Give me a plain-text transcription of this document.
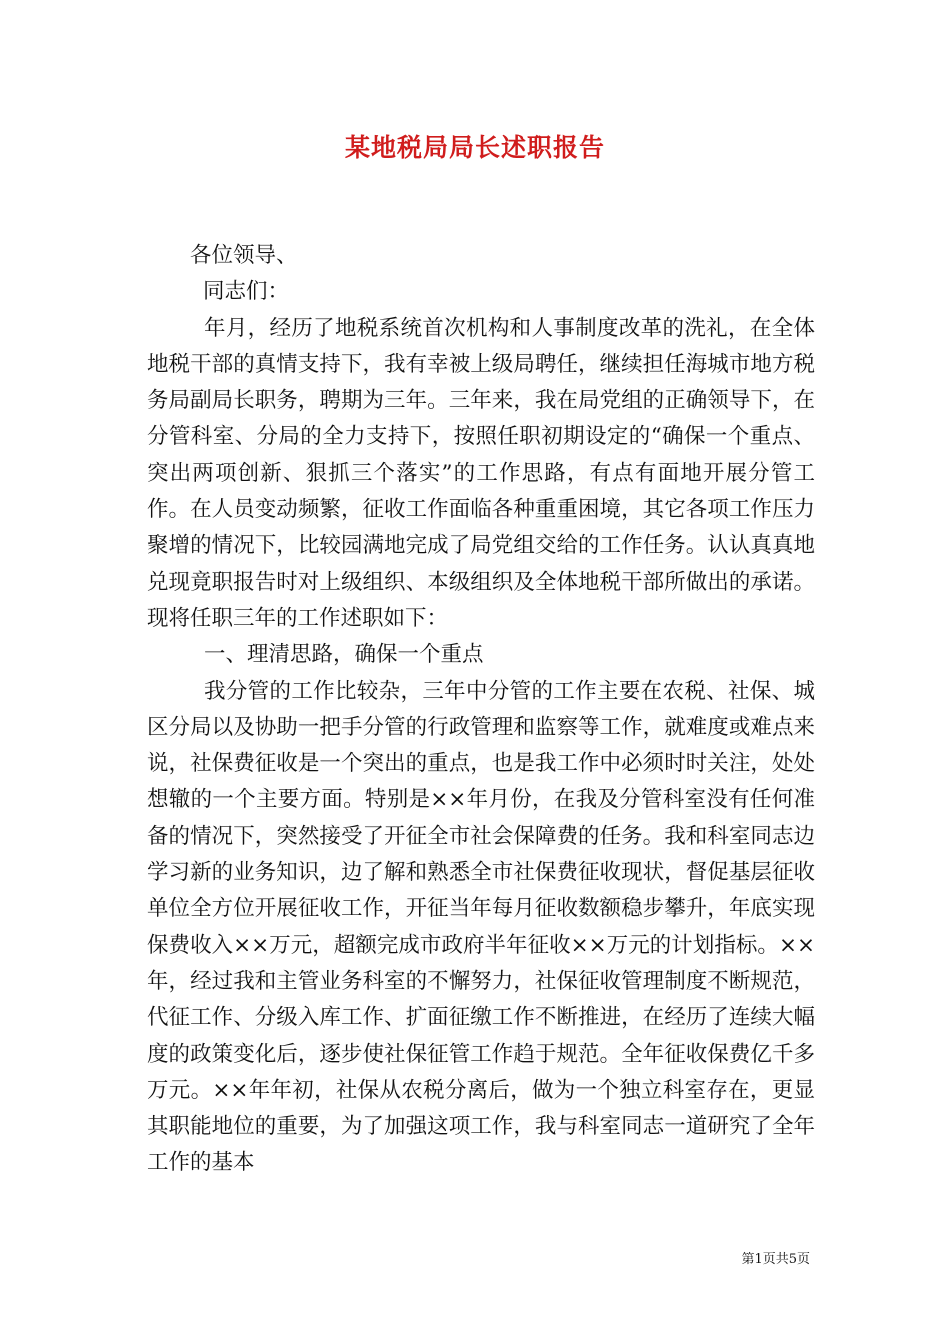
某地税局局长述职报告

各位领导、

同志们：

年月，经历了地税系统首次机构和人事制度改革的洗礼，在全体地税干部的真情支持下，我有幸被上级局聘任，继续担任海城市地方税务局副局长职务，聘期为三年。三年来，我在局党组的正确领导下，在分管科室、分局的全力支持下，按照任职初期设定的“确保一个重点、突出两项创新、狠抓三个落实”的工作思路，有点有面地开展分管工作。在人员变动频繁，征收工作面临各种重重困境，其它各项工作压力聚增的情况下，比较园满地完成了局党组交给的工作任务。认认真真地兑现竟职报告时对上级组织、本级组织及全体地税干部所做出的承诺。现将任职三年的工作述职如下：

一、理清思路，确保一个重点

我分管的工作比较杂，三年中分管的工作主要在农税、社保、城区分局以及协助一把手分管的行政管理和监察等工作，就难度或难点来说，社保费征收是一个突出的重点，也是我工作中必须时时关注，处处想辙的一个主要方面。特别是××年月份，在我及分管科室没有任何准备的情况下，突然接受了开征全市社会保障费的任务。我和科室同志边学习新的业务知识，边了解和熟悉全市社保费征收现状，督促基层征收单位全方位开展征收工作，开征当年每月征收数额稳步攀升，年底实现保费收入××万元，超额完成市政府半年征收××万元的计划指标。××年，经过我和主管业务科室的不懈努力，社保征收管理制度不断规范，代征工作、分级入库工作、扩面征缴工作不断推进，在经历了连续大幅度的政策变化后，逐步使社保征管工作趋于规范。全年征收保费亿千多万元。××年年初，社保从农税分离后，做为一个独立科室存在，更显其职能地位的重要，为了加强这项工作，我与科室同志一道研究了全年工作的基本

第1页共5页
